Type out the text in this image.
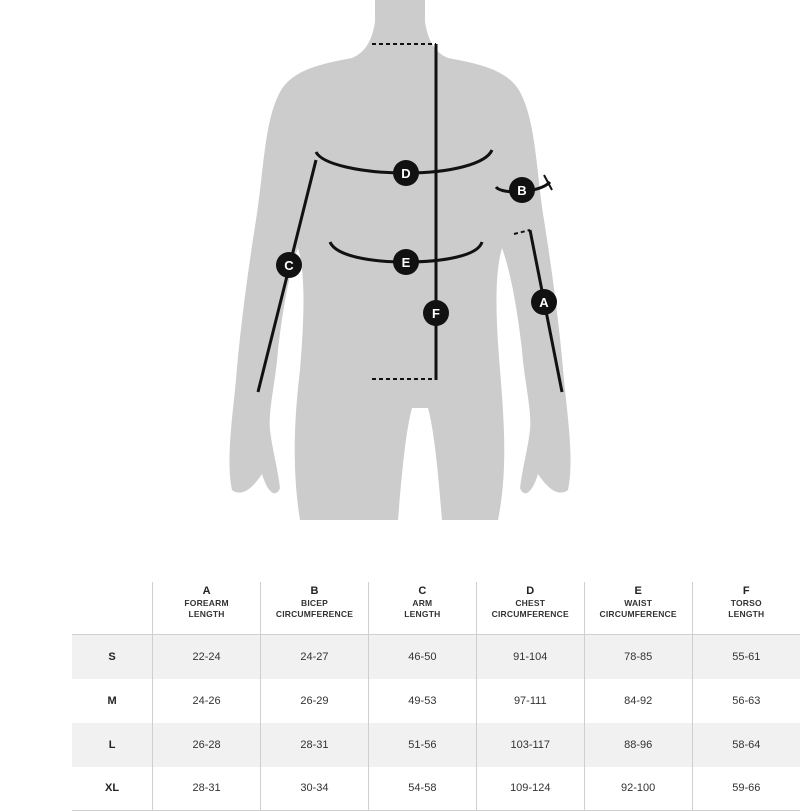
D
B
E
C
A
F

	A
FOREARM
LENGTH	B
BICEP
CIRCUMFERENCE	C
ARM
LENGTH	D
CHEST
CIRCUMFERENCE	E
WAIST
CIRCUMFERENCE	F
TORSO
LENGTH

S	22-24	24-27	46-50	91-104	78-85	55-61
M	24-26	26-29	49-53	97-111	84-92	56-63
L	26-28	28-31	51-56	103-117	88-96	58-64
XL	28-31	30-34	54-58	109-124	92-100	59-66
